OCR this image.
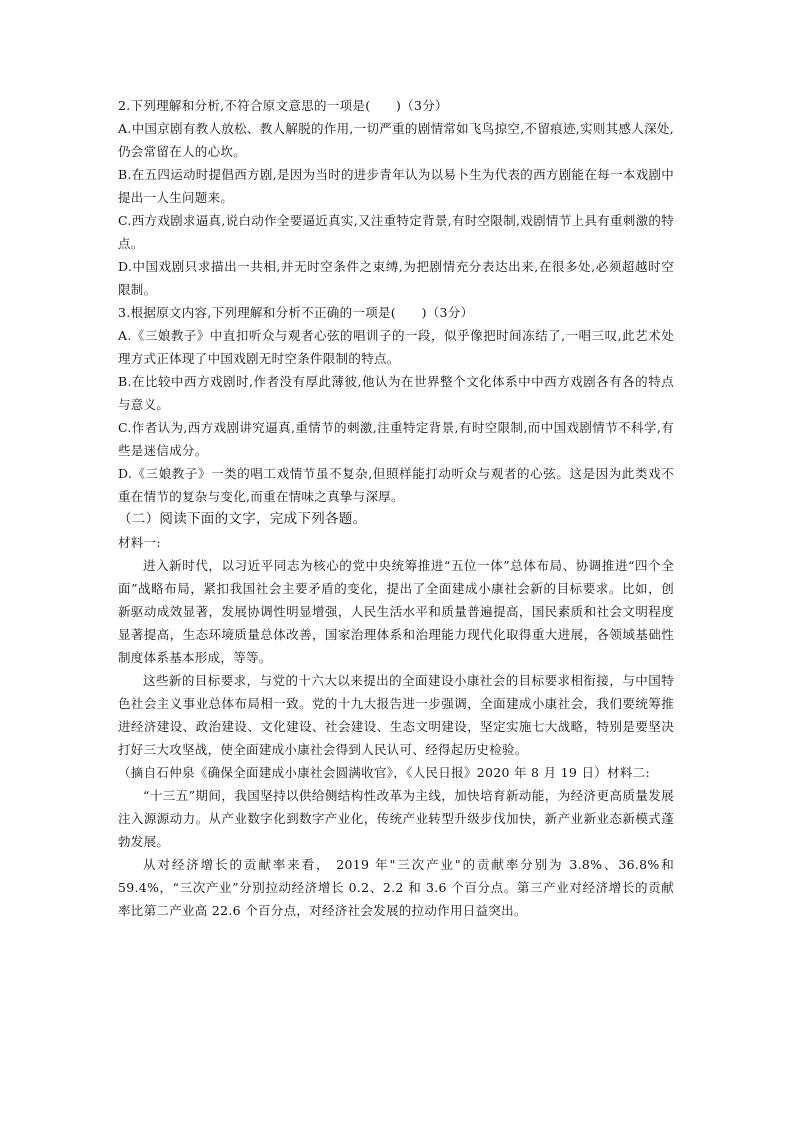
2.下列理解和分析,不符合原文意思的一项是(　　)（3分）

A.中国京剧有教人放松、教人解脱的作用,一切严重的剧情常如飞鸟掠空,不留痕迹,实则其感人深处,仍会常留在人的心坎。

B.在五四运动时提倡西方剧,是因为当时的进步青年认为以易卜生为代表的西方剧能在每一本戏剧中提出一人生问题来。

C.西方戏剧求逼真,说白动作全要逼近真实,又注重特定背景,有时空限制,戏剧情节上具有重刺激的特点。

D.中国戏剧只求描出一共相,并无时空条件之束缚,为把剧情充分表达出来,在很多处,必须超越时空限制。

3.根据原文内容,下列理解和分析不正确的一项是(　　)（3分）

A.《三娘教子》中直扣听众与观者心弦的唱训子的一段，似乎像把时间冻结了,一唱三叹,此艺术处理方式正体现了中国戏剧无时空条件限制的特点。

B.在比较中西方戏剧时,作者没有厚此薄彼,他认为在世界整个文化体系中中西方戏剧各有各的特点与意义。

C.作者认为,西方戏剧讲究逼真,重情节的刺激,注重特定背景,有时空限制,而中国戏剧情节不科学,有些是迷信成分。

D.《三娘教子》一类的唱工戏情节虽不复杂,但照样能打动听众与观者的心弦。这是因为此类戏不重在情节的复杂与变化,而重在情味之真挚与深厚。

（二）阅读下面的文字，完成下列各题。

材料一:

进入新时代，以习近平同志为核心的党中央统筹推进“五位一体”总体布局、协调推进“四个全面”战略布局，紧扣我国社会主要矛盾的变化，提出了全面建成小康社会新的目标要求。比如，创新驱动成效显著，发展协调性明显增强，人民生活水平和质量普遍提高，国民素质和社会文明程度显著提高，生态环境质量总体改善，国家治理体系和治理能力现代化取得重大进展，各领域基础性制度体系基本形成，等等。

这些新的目标要求，与党的十六大以来提出的全面建设小康社会的目标要求相衔接，与中国特色社会主义事业总体布局相一致。党的十九大报告进一步强调，全面建成小康社会，我们要统筹推进经济建设、政治建设、文化建设、社会建设、生态文明建设，坚定实施七大战略，特别是要坚决打好三大攻坚战，使全面建成小康社会得到人民认可、经得起历史检验。

（摘自石仲泉《确保全面建成小康社会圆满收官》，《人民日报》2020 年 8 月 19 日）材料二:

“十三五”期间，我国坚持以供给侧结构性改革为主线，加快培育新动能，为经济更高质量发展注入源源动力。从产业数字化到数字产业化，传统产业转型升级步伐加快，新产业新业态新模式蓬勃发展。

从对经济增长的贡献率来看， 2019 年"三次产业"的贡献率分别为 3.8%、36.8%和 59.4%，“三次产业”分别拉动经济增长 0.2、2.2 和 3.6 个百分点。第三产业对经济增长的贡献率比第二产业高 22.6 个百分点，对经济社会发展的拉动作用日益突出。
